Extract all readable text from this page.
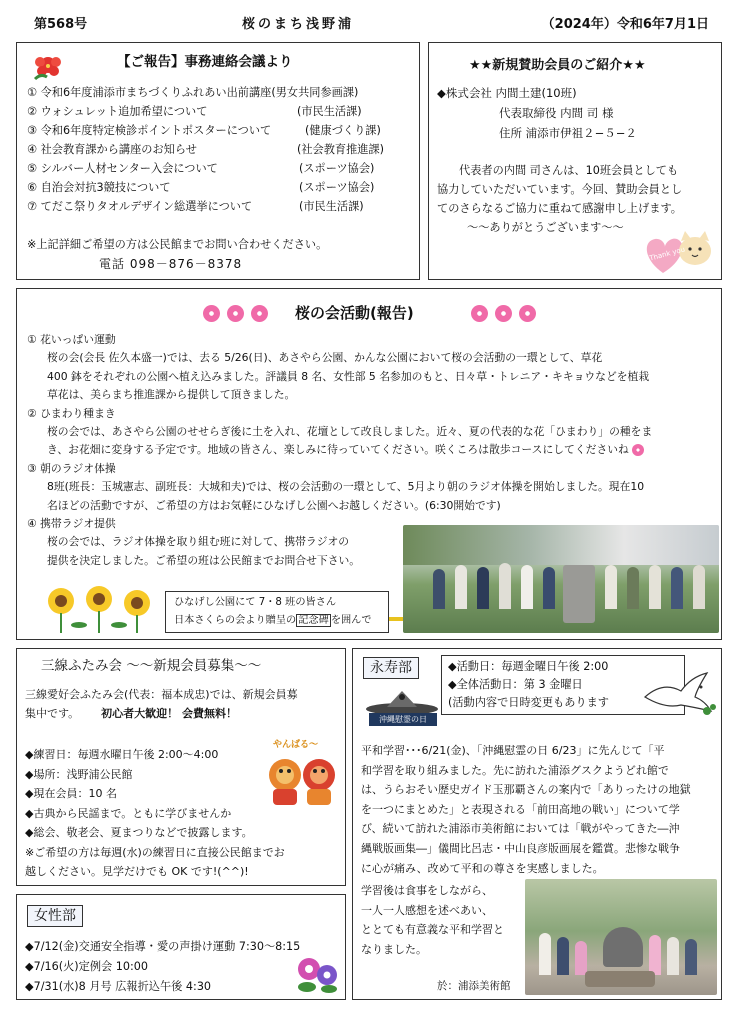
第568号	桜のまち浅野浦	（2024年）令和6年7月1日
【ご報告】事務連絡会議より
① 令和6年度浦添市まちづくりふれあい出前講座(男女共同参画課)
② ウォシュレット追加希望について	(市民生活課)
③ 令和6年度特定検診ポイントポスターについて	(健康づくり課)
④ 社会教育課から講座のお知らせ	(社会教育推進課)
⑤ シルバー人材センター入会について	(スポーツ協会)
⑥ 自治会対抗3競技について	(スポーツ協会)
⑦ てだこ祭りタオルデザイン総選挙について	(市民生活課)
※上記詳細ご希望の方は公民館までお問い合わせください。
電話 098－876－8378
★★新規賛助会員のご紹介★★
◆株式会社 内間土建(10班)
代表取締役 内間 司 様
住所 浦添市伊祖２−５−２
代表者の内間 司さんは、10班会員としても
協力していただいています。今回、賛助会員とし
てのさらなるご協力に重ねて感謝申し上げます。
～～ありがとうございます～～
Thank you
桜の会活動(報告)
① 花いっぱい運動
桜の会(会長 佐久本盛一)では、去る 5/26(日)、あさやら公園、かんな公園において桜の会活動の一環として、草花
400 鉢をそれぞれの公園へ植え込みました。評議員 8 名、女性部 5 名参加のもと、日々草・トレニア・キキョウなどを植栽
草花は、美らまち推進課から提供して頂きました。
② ひまわり種まき
桜の会では、あさやら公園のせせらぎ後に土を入れ、花壇として改良しました。近々、夏の代表的な花「ひまわり」の種をま
き、お花畑に変身する予定です。地域の皆さん、楽しみに待っていてください。咲くころは散歩コースにしてくださいね
③ 朝のラジオ体操
8班(班長：玉城憲志、副班長：大城和夫)では、桜の会活動の一環として、5月より朝のラジオ体操を開始しました。現在10
名ほどの活動ですが、ご希望の方はお気軽にひなげし公園へお越しください。(6:30開始です)
④ 携帯ラジオ提供
桜の会では、ラジオ体操を取り組む班に対して、携帯ラジオの
提供を決定しました。ご希望の班は公民館までお問合せ下さい。
ひなげし公園にて 7・8 班の皆さん
日本さくらの会より贈呈の 記念碑 を囲んで
三線ふたみ会 ～～新規会員募集～～
三線愛好会ふたみ会(代表：福本成忠)では、新規会員募
集中です。 初心者大歓迎！ 会費無料！
◆練習日：毎週水曜日午後 2:00～4:00
◆場所：浅野浦公民館
◆現在会員：10 名
◆古典から民謡まで。ともに学びませんか
◆総会、敬老会、夏まつりなどで披露します。
※ご希望の方は毎週(水)の練習日に直接公民館までお
越しください。見学だけでも OK です!(^^)!
やんばる～
女性部
◆7/12(金)交通安全指導・愛の声掛け運動 7:30～8:15
◆7/16(火)定例会 10:00
◆7/31(水)8 月号 広報折込午後 4:30
永寿部	◆活動日：毎週金曜日午後 2:00
◆全体活動日：第 3 金曜日
(活動内容で日時変更もあります
沖縄慰霊の日
平和学習･･･6/21(金)、「沖縄慰霊の日 6/23」に先んじて「平
和学習を取り組みました。先に訪れた浦添グスクようどれ館で
は、うらおそい歴史ガイド玉那覇さんの案内で「ありったけの地獄
を一つにまとめた」と表現される「前田高地の戦い」について学
び、続いて訪れた浦添市美術館においては「戦がやってきた―沖
縄戦版画集―」儀間比呂志・中山良彦版画展を鑑賞。悲惨な戦争
に心が痛み、改めて平和の尊さを実感しました。
学習後は食事をしながら、
一人一人感想を述べあい、
ととても有意義な平和学習と
なりました。
於：浦添美術館
